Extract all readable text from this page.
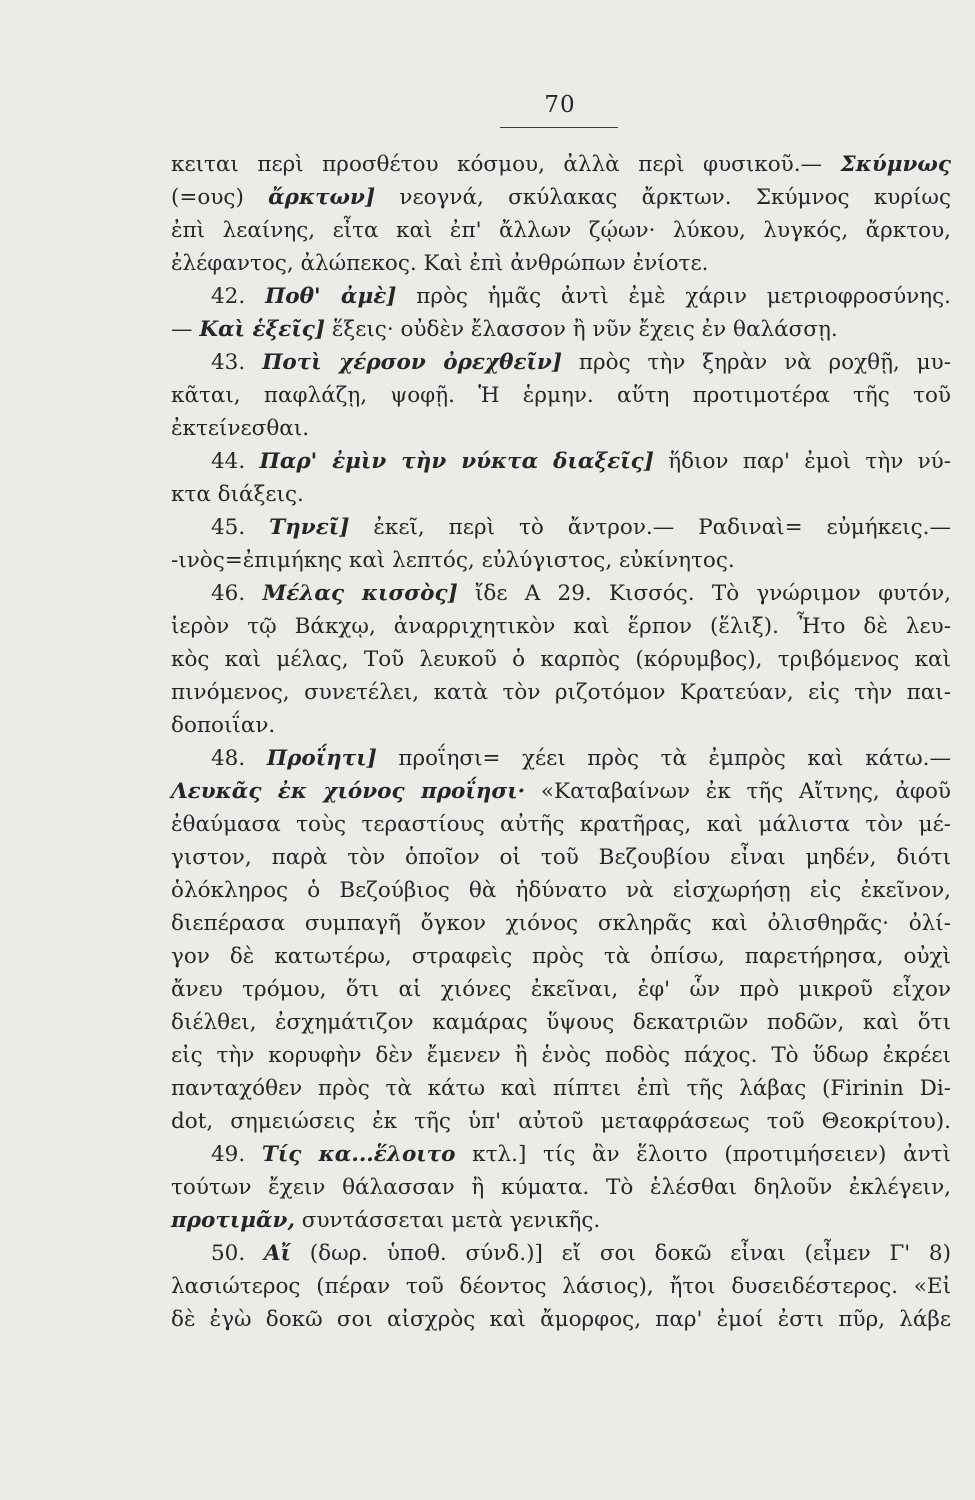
70
κειται περὶ προσθέτου κόσμου, ἀλλὰ περὶ φυσικοῦ.— Σκύμνως
(=ους) ἄρκτων] νεογνά, σκύλακας ἄρκτων. Σκύμνος κυρίως
ἐπὶ λεαίνης, εἶτα καὶ ἐπ' ἄλλων ζῴων· λύκου, λυγκός, ἄρκτου,
ἐλέφαντος, ἀλώπεκος. Καὶ ἐπὶ ἀνθρώπων ἐνίοτε.
42. Ποθ' ἀμὲ] πρὸς ἡμᾶς ἀντὶ ἐμὲ χάριν μετριοφροσύνης.
— Καὶ ἑξεῖς] ἕξεις· οὐδὲν ἔλασσον ἢ νῦν ἔχεις ἐν θαλάσσῃ.
43. Ποτὶ χέρσον ὀρεχθεῖν] πρὸς τὴν ξηρὰν νὰ ρoχθῇ, μυ-
κᾶται, παφλάζῃ, ψοφῇ. Ἡ ἑρμην. αὕτη προτιμοτέρα τῆς τοῦ
ἐκτείνεσθαι.
44. Παρ' ἐμὶν τὴν νύκτα διαξεῖς] ἥδιον παρ' ἐμοὶ τὴν νύ-
κτα διάξεις.
45. Τηνεῖ] ἐκεῖ, περὶ τὸ ἄντρον.— Ραδιναὶ= εὐμήκεις.—
-ινὸς=ἐπιμήκης καὶ λεπτός, εὐλύγιστος, εὐκίνητος.
46. Μέλας κισσὸς] ἴδε Α 29. Κισσός. Τὸ γνώριμον φυτόν,
ἱερὸν τῷ Βάκχῳ, ἀναρριχητικὸν καὶ ἕρπον (ἕλιξ). Ἦτο δὲ λευ-
κὸς καὶ μέλας, Τοῦ λευκοῦ ὁ καρπὸς (κόρυμβος), τριβόμενος καὶ
πινόμενος, συνετέλει, κατὰ τὸν ριζοτόμον Κρατεύαν, εἰς τὴν παι-
δοποιΐαν.
48. Προΐητι] προΐησι= χέει πρὸς τὰ ἐμπρὸς καὶ κάτω.—
Λευκᾶς ἐκ χιόνος προΐησι· «Καταβαίνων ἐκ τῆς Αἴτνης, ἀφοῦ
ἐθαύμασα τοὺς τεραστίους αὐτῆς κρατῆρας, καὶ μάλιστα τὸν μέ-
γιστον, παρὰ τὸν ὁποῖον οἱ τοῦ Βεζουβίου εἶναι μηδέν, διότι
ὁλόκληρος ὁ Βεζούβιος θὰ ἠδύνατο νὰ εἰσχωρήσῃ εἰς ἐκεῖνον,
διεπέρασα συμπαγῆ ὄγκον χιόνος σκληρᾶς καὶ ὀλισθηρᾶς· ὀλί-
γον δὲ κατωτέρω, στραφεὶς πρὸς τὰ ὀπίσω, παρετήρησα, οὐχὶ
ἄνευ τρόμου, ὅτι αἱ χιόνες ἐκεῖναι, ἐφ' ὧν πρὸ μικροῦ εἶχον
διέλθει, ἐσχημάτιζον καμάρας ὕψους δεκατριῶν ποδῶν, καὶ ὅτι
εἰς τὴν κορυφὴν δὲν ἔμενεν ἢ ἑνὸς ποδὸς πάχος. Τὸ ὕδωρ ἐκρέει
πανταχόθεν πρὸς τὰ κάτω καὶ πίπτει ἐπὶ τῆς λάβας (Firinin Di-
dot, σημειώσεις ἐκ τῆς ὑπ' αὐτοῦ μεταφράσεως τοῦ Θεοκρίτου).
49. Τίς κα...ἕλοιτο κτλ.] τίς ἂν ἕλοιτο (προτιμήσειεν) ἀντὶ
τούτων ἔχειν θάλασσαν ἢ κύματα. Τὸ ἑλέσθαι δηλοῦν ἐκλέγειν,
προτιμᾶν, συντάσσεται μετὰ γενικῆς.
50. Αἴ (δωρ. ὑποθ. σύνδ.)] εἴ σοι δοκῶ εἶναι (εἶμεν Γ' 8)
λασιώτερος (πέραν τοῦ δέοντος λάσιος), ἤτοι δυσειδέστερος. «Εἰ
δὲ ἐγὼ δοκῶ σοι αἰσχρὸς καὶ ἄμορφος, παρ' ἐμοί ἐστι πῦρ, λάβε
